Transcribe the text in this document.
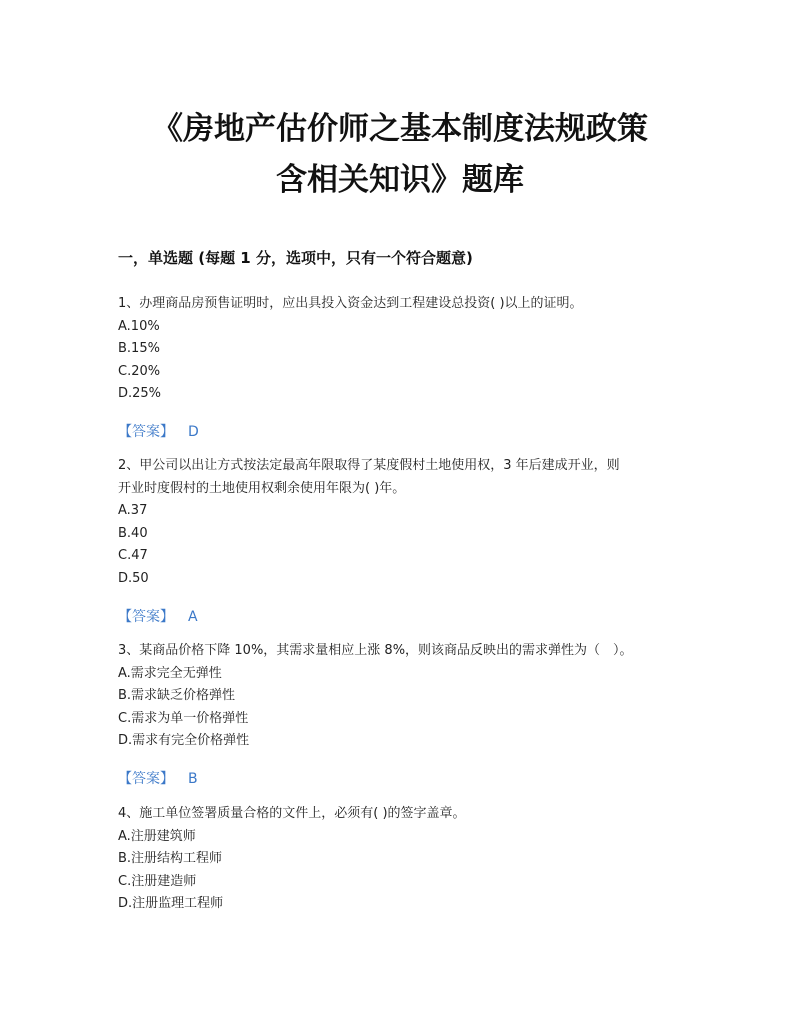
《房地产估价师之基本制度法规政策
含相关知识》题库
一，单选题 (每题 1 分，选项中，只有一个符合题意)
1、办理商品房预售证明时，应出具投入资金达到工程建设总投资( )以上的证明。
A.10%
B.15%
C.20%
D.25%
【答案】 D
2、甲公司以出让方式按法定最高年限取得了某度假村土地使用权，3 年后建成开业，则
开业时度假村的土地使用权剩余使用年限为( )年。
A.37
B.40
C.47
D.50
【答案】 A
3、某商品价格下降 10%，其需求量相应上涨 8%，则该商品反映出的需求弹性为（　）。
A.需求完全无弹性
B.需求缺乏价格弹性
C.需求为单一价格弹性
D.需求有完全价格弹性
【答案】 B
4、施工单位签署质量合格的文件上，必须有( )的签字盖章。
A.注册建筑师
B.注册结构工程师
C.注册建造师
D.注册监理工程师
